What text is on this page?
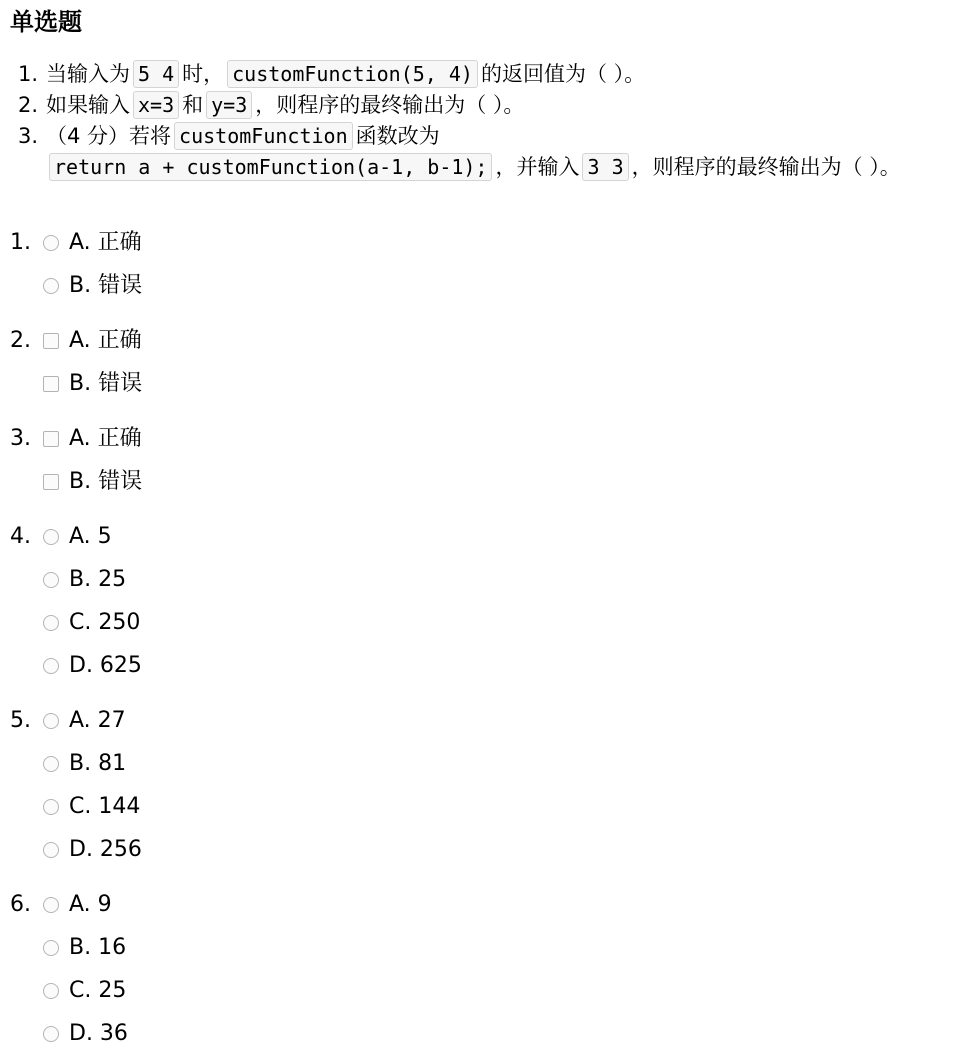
单选题
1. 当输入为 5 4 时， customFunction(5, 4) 的返回值为（ ）。
2. 如果输入 x=3 和 y=3 ，则程序的最终输出为（ ）。
3. （4 分）若将 customFunction 函数改为
return a + customFunction(a-1, b-1); ，并输入 3 3 ，则程序的最终输出为（ ）。
1. A. 正确
B. 错误
2. A. 正确
B. 错误
3. A. 正确
B. 错误
4. A. 5
B. 25
C. 250
D. 625
5. A. 27
B. 81
C. 144
D. 256
6. A. 9
B. 16
C. 25
D. 36
